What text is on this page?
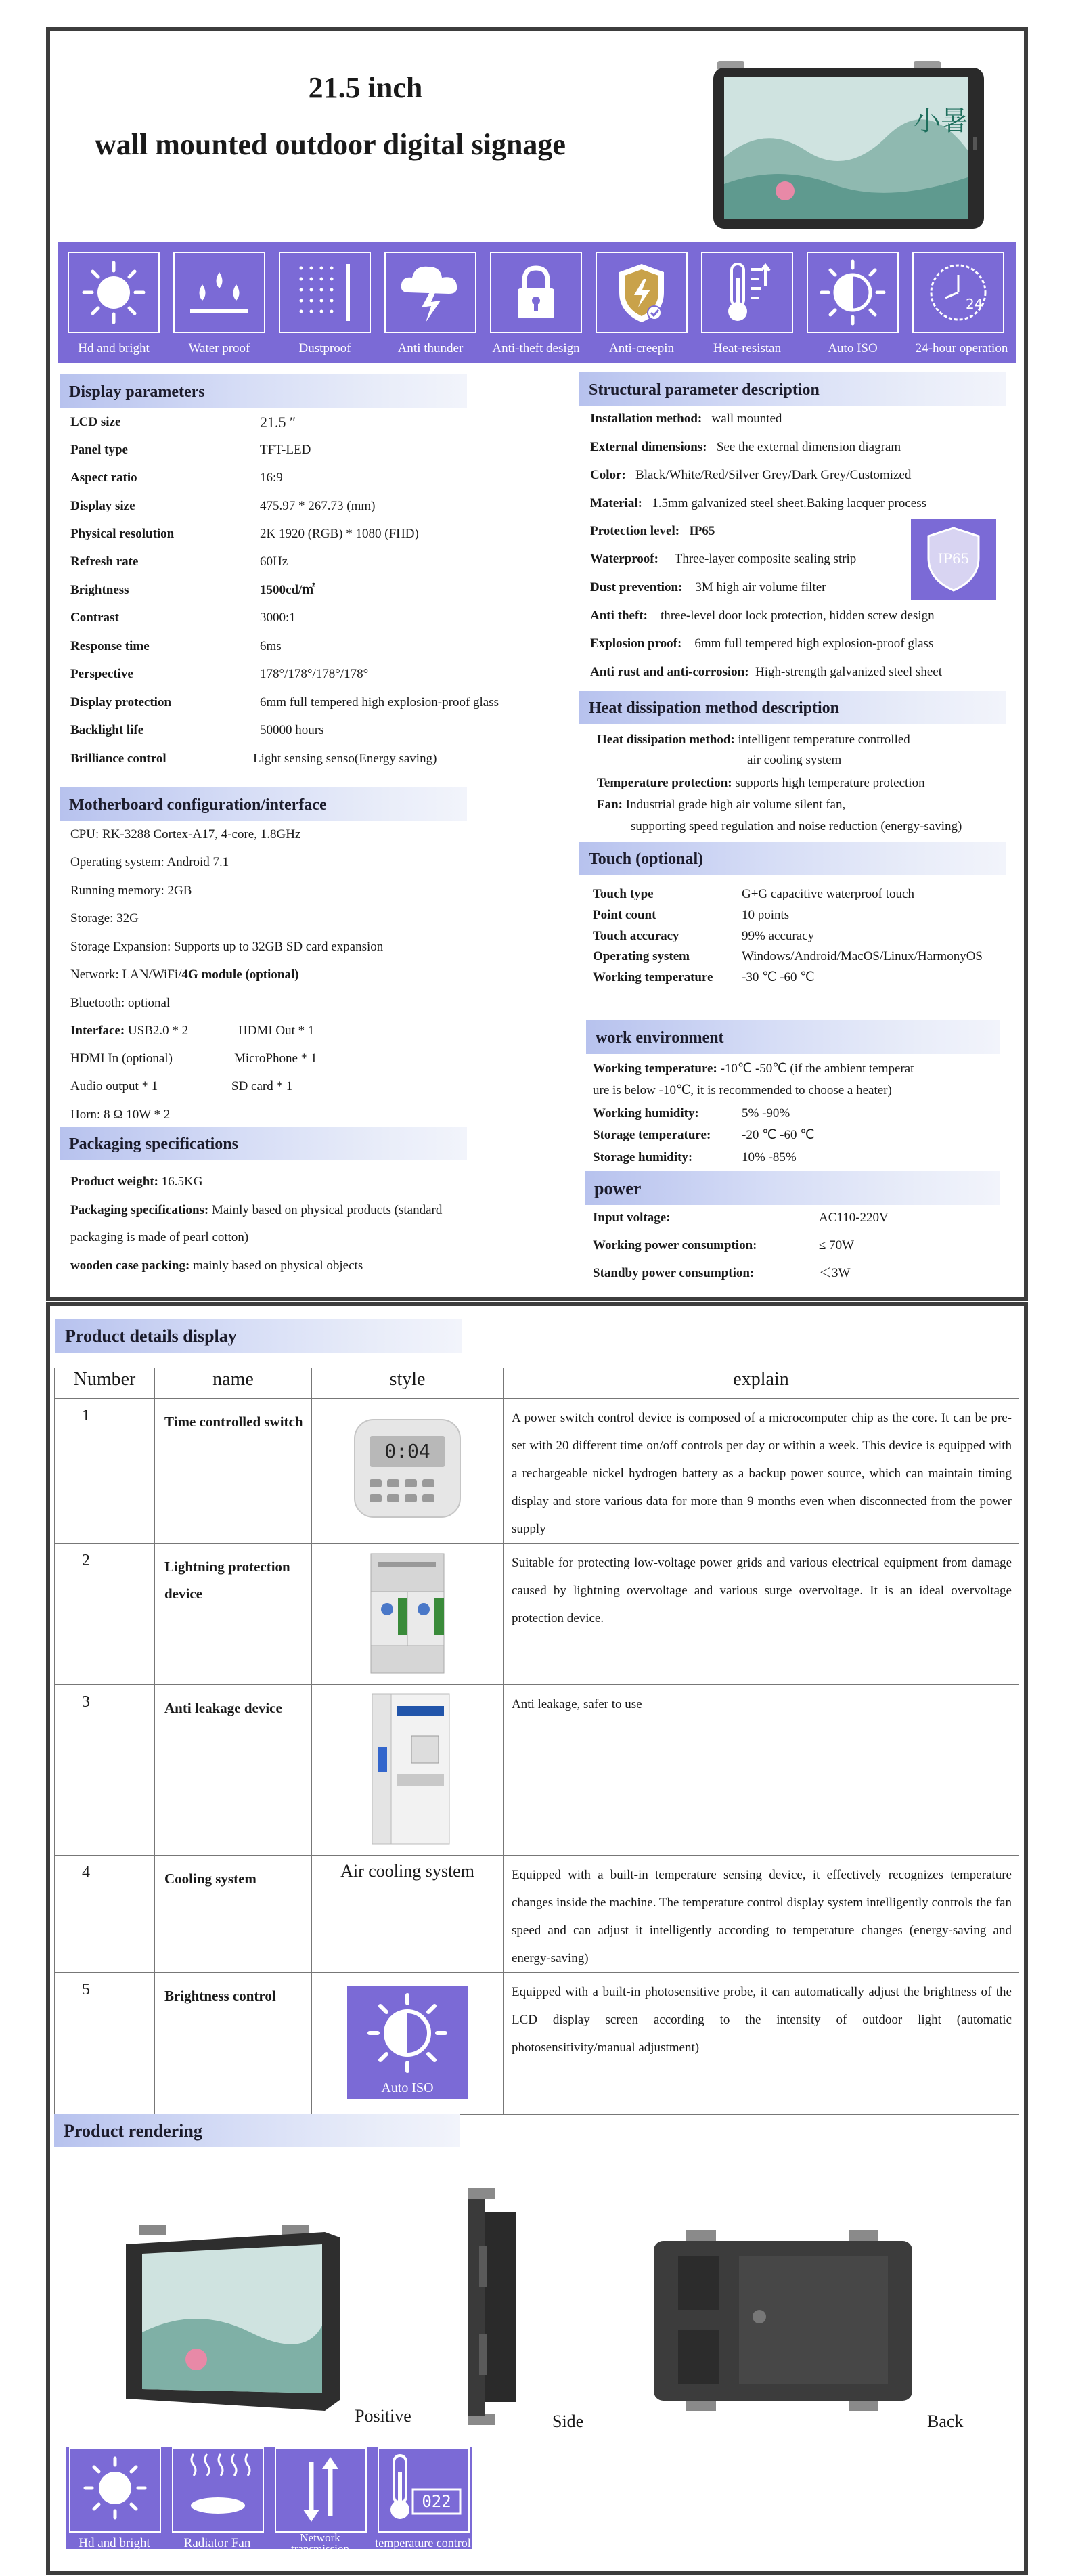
21.5 inch
wall mounted outdoor digital signage
小暑
Hd and bright	Water proof	Dustproof	Anti thunder	Anti-theft design	Anti-creepin	Heat-resistan	Auto ISO
24
24-hour operation
Display parameters
LCD size	21.5 ″
Panel type	TFT-LED
Aspect ratio	16:9
Display size	475.97 * 267.73 (mm)
Physical resolution	2K 1920 (RGB) * 1080 (FHD)
Refresh rate	60Hz
Brightness	1500cd/㎡
Contrast	3000:1
Response time	6ms
Perspective	178°/178°/178°/178°
Display protection	6mm full tempered high explosion-proof glass
Backlight life	50000 hours
Brilliance control	Light sensing senso(Energy saving)
Motherboard configuration/interface
CPU: RK-3288 Cortex-A17, 4-core, 1.8GHz
Operating system: Android 7.1
Running memory: 2GB
Storage: 32G
Storage Expansion: Supports up to 32GB SD card expansion
Network: LAN/WiFi/4G module (optional)
Bluetooth: optional
Interface: USB2.0 * 2	HDMI Out * 1
HDMI In (optional)	MicroPhone * 1
Audio output * 1	SD card * 1
Horn: 8 Ω 10W * 2
Packaging specifications
Product weight: 16.5KG
Packaging specifications: Mainly based on physical products (standard
packaging is made of pearl cotton)
wooden case packing: mainly based on physical objects
Structural parameter description
Installation method: wall mounted
External dimensions: See the external dimension diagram
Color: Black/White/Red/Silver Grey/Dark Grey/Customized
Material: 1.5mm galvanized steel sheet.Baking lacquer process
Protection level: IP65
Waterproof: Three-layer composite sealing strip
Dust prevention: 3M high air volume filter
Anti theft: three-level door lock protection, hidden screw design
Explosion proof: 6mm full tempered high explosion-proof glass
Anti rust and anti-corrosion: High-strength galvanized steel sheet
IP65
Heat dissipation method description
Heat dissipation method: intelligent temperature controlled
air cooling system
Temperature protection: supports high temperature protection
Fan: Industrial grade high air volume silent fan,
supporting speed regulation and noise reduction (energy-saving)
Touch (optional)
Touch type	G+G capacitive waterproof touch
Point count	10 points
Touch accuracy	99% accuracy
Operating system	Windows/Android/MacOS/Linux/HarmonyOS
Working temperature -30 ℃ -60 ℃
work environment
Working temperature: -10℃ -50℃ (if the ambient temperat
ure is below -10℃, it is recommended to choose a heater)
Working humidity:	5% -90%
Storage temperature: -20 ℃ -60 ℃
Storage humidity:	10% -85%
power
Input voltage:	AC110-220V
Working power consumption:	≤ 70W
Standby power consumption:	＜3W
Product details display
Number	name	style	explain
1	Time controlled switch	0:04	A power switch control device is composed of a microcomputer chip as the core. It can be pre-set with 20 different time on/off controls per day or within a week. This device is equipped with a rechargeable nickel hydrogen battery as a backup power source, which can maintain timing display and store various data for more than 9 months even when disconnected from the power supply
2	Lightning protection device		Suitable for protecting low-voltage power grids and various electrical equipment from damage caused by lightning overvoltage and various surge overvoltage. It is an ideal overvoltage protection device.
3	Anti leakage device		Anti leakage, safer to use
4	Cooling system	Air cooling system	Equipped with a built-in temperature sensing device, it effectively recognizes temperature changes inside the machine. The temperature control display system intelligently controls the fan speed and can adjust it intelligently according to temperature changes (energy-saving and energy-saving)
5	Brightness control	Auto ISO	Equipped with a built-in photosensitive probe, it can automatically adjust the brightness of the LCD display screen according to the intensity of outdoor light (automatic photosensitivity/manual adjustment)
Product rendering
Positive	Side	Back
Hd and bright	Radiator Fan	Network
transmission
022
temperature control
